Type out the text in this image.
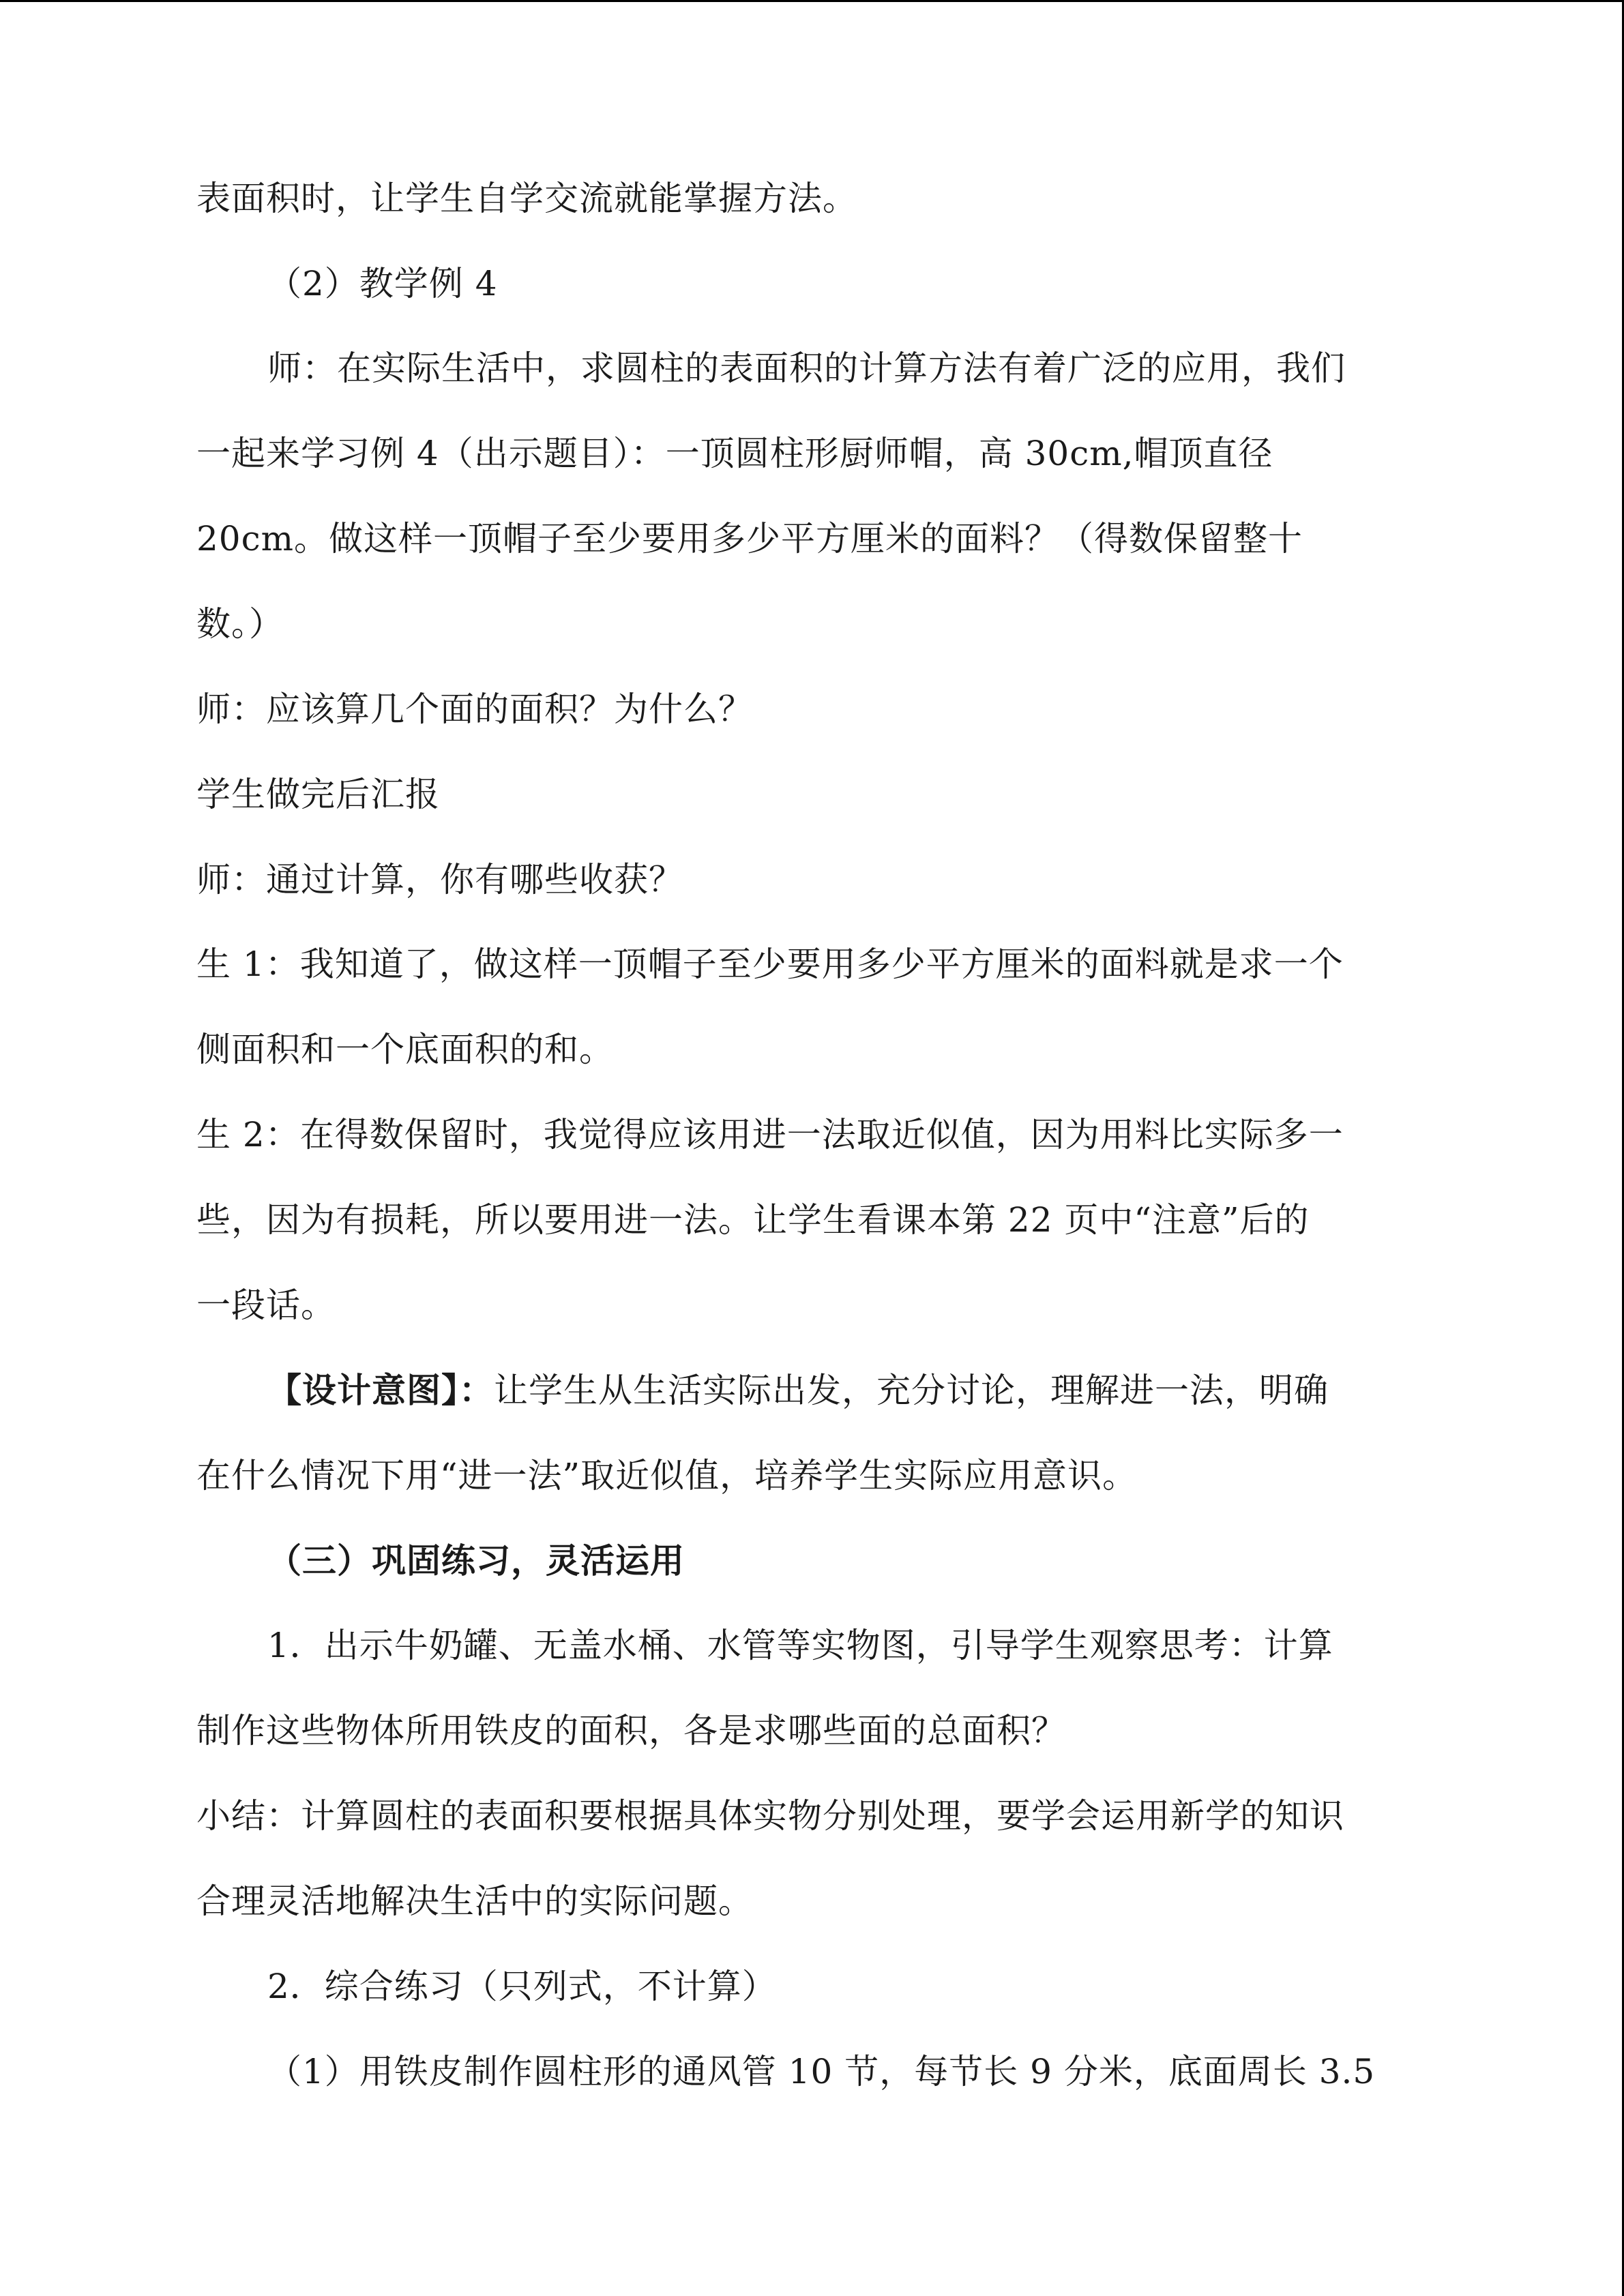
表面积时，让学生自学交流就能掌握方法。
（2）教学例 4
师：在实际生活中，求圆柱的表面积的计算方法有着广泛的应用，我们
一起来学习例 4（出示题目）：一顶圆柱形厨师帽，高 30cm,帽顶直径
20cm。做这样一顶帽子至少要用多少平方厘米的面料？（得数保留整十
数。）
师：应该算几个面的面积？为什么？
学生做完后汇报
师：通过计算，你有哪些收获？
生 1：我知道了，做这样一顶帽子至少要用多少平方厘米的面料就是求一个
侧面积和一个底面积的和。
生 2：在得数保留时，我觉得应该用进一法取近似值，因为用料比实际多一
些，因为有损耗，所以要用进一法。让学生看课本第 22 页中“注意”后的
一段话。
【设计意图】：让学生从生活实际出发，充分讨论，理解进一法，明确
在什么情况下用“进一法”取近似值，培养学生实际应用意识。
（三）巩固练习，灵活运用
1．出示牛奶罐、无盖水桶、水管等实物图，引导学生观察思考：计算
制作这些物体所用铁皮的面积，各是求哪些面的总面积？
小结：计算圆柱的表面积要根据具体实物分别处理，要学会运用新学的知识
合理灵活地解决生活中的实际问题。
2．综合练习（只列式，不计算）
（1）用铁皮制作圆柱形的通风管 10 节，每节长 9 分米，底面周长 3.5
